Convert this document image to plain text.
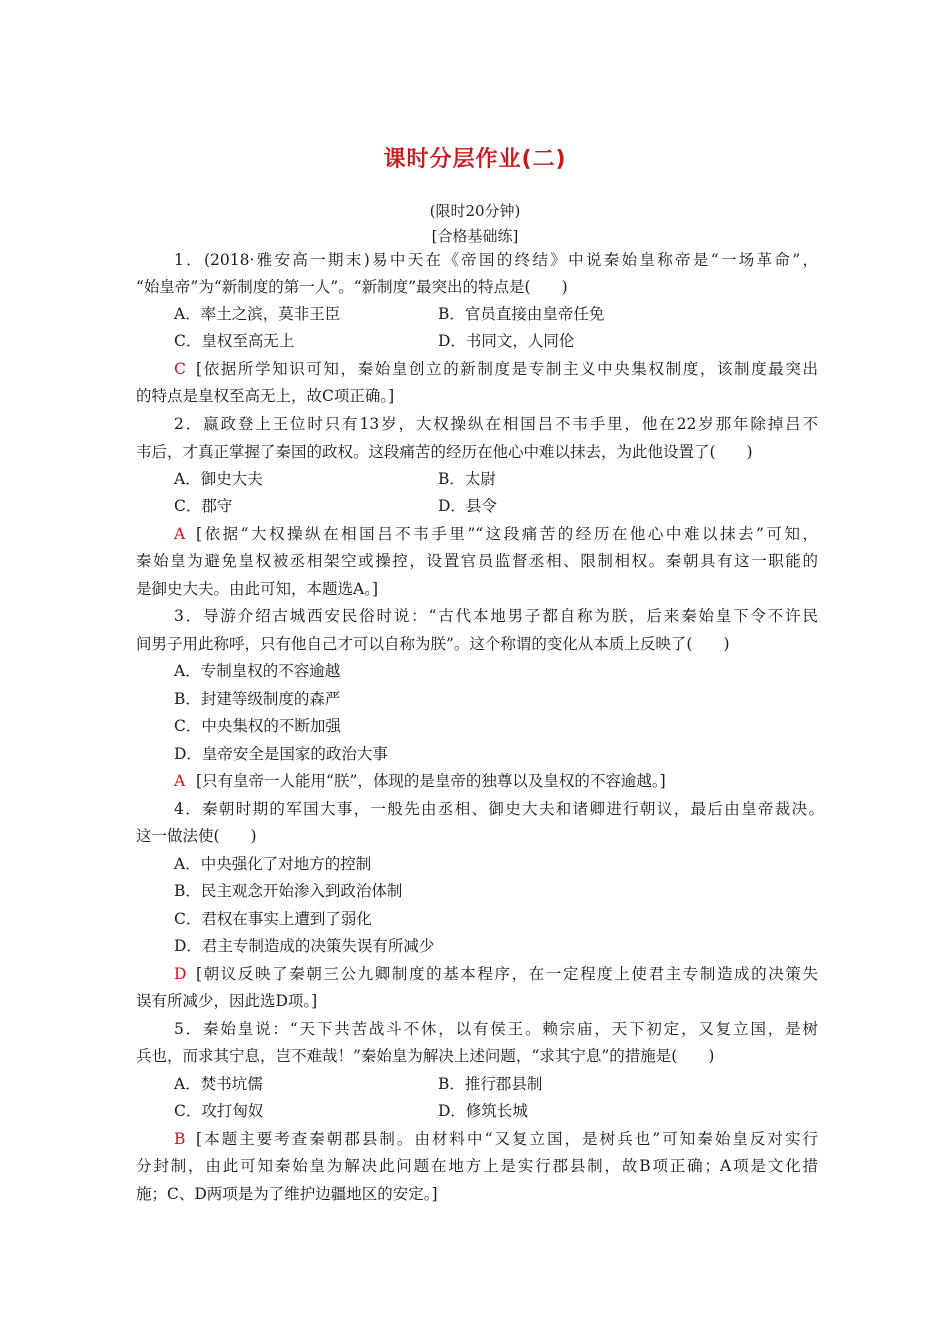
课时分层作业(二)
(限时20分钟)
[合格基础练]
1．(2018·雅安高一期末)易中天在《帝国的终结》中说秦始皇称帝是“一场革命”，
“始皇帝”为“新制度的第一人”。“新制度”最突出的特点是(　　)
A．率土之滨，莫非王臣	B．官员直接由皇帝任免
C．皇权至高无上	D．书同文，人同伦
C [依据所学知识可知，秦始皇创立的新制度是专制主义中央集权制度，该制度最突出
的特点是皇权至高无上，故C项正确。]
2．嬴政登上王位时只有13岁，大权操纵在相国吕不韦手里，他在22岁那年除掉吕不
韦后，才真正掌握了秦国的政权。这段痛苦的经历在他心中难以抹去，为此他设置了(　　)
A．御史大夫	B．太尉
C．郡守	D．县令
A [依据“大权操纵在相国吕不韦手里”“这段痛苦的经历在他心中难以抹去”可知，
秦始皇为避免皇权被丞相架空或操控，设置官员监督丞相、限制相权。秦朝具有这一职能的
是御史大夫。由此可知，本题选A。]
3．导游介绍古城西安民俗时说：“古代本地男子都自称为朕，后来秦始皇下令不许民
间男子用此称呼，只有他自己才可以自称为朕”。这个称谓的变化从本质上反映了(　　)
A．专制皇权的不容逾越
B．封建等级制度的森严
C．中央集权的不断加强
D．皇帝安全是国家的政治大事
A [只有皇帝一人能用“朕”，体现的是皇帝的独尊以及皇权的不容逾越。]
4．秦朝时期的军国大事，一般先由丞相、御史大夫和诸卿进行朝议，最后由皇帝裁决。
这一做法使(　　)
A．中央强化了对地方的控制
B．民主观念开始渗入到政治体制
C．君权在事实上遭到了弱化
D．君主专制造成的决策失误有所减少
D [朝议反映了秦朝三公九卿制度的基本程序，在一定程度上使君主专制造成的决策失
误有所减少，因此选D项。]
5．秦始皇说：“天下共苦战斗不休，以有侯王。赖宗庙，天下初定，又复立国，是树
兵也，而求其宁息，岂不难哉！”秦始皇为解决上述问题，“求其宁息”的措施是(　　)
A．焚书坑儒	B．推行郡县制
C．攻打匈奴	D．修筑长城
B [本题主要考查秦朝郡县制。由材料中“又复立国，是树兵也”可知秦始皇反对实行
分封制，由此可知秦始皇为解决此问题在地方上是实行郡县制，故B项正确；A项是文化措
施；C、D两项是为了维护边疆地区的安定。]
